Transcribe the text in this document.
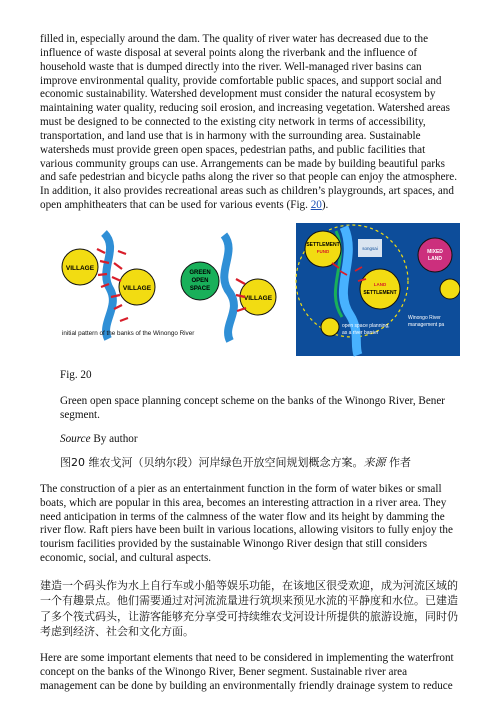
filled in, especially around the dam. The quality of river water has decreased due to the influence of waste disposal at several points along the riverbank and the influence of household waste that is dumped directly into the river. Well-managed river basins can improve environmental quality, provide comfortable public spaces, and support social and economic sustainability. Watershed development must consider the natural ecosystem by maintaining water quality, reducing soil erosion, and increasing vegetation. Watershed areas must be designed to be connected to the existing city network in terms of accessibility, transportation, and land use that is in harmony with the surrounding area. Sustainable watersheds must provide green open spaces, pedestrian paths, and public facilities that various community groups can use. Arrangements can be made by building beautiful parks and safe pedestrian and bicycle paths along the river so that people can enjoy the atmosphere. In addition, it also provides recreational areas such as children’s playgrounds, art spaces, and open amphitheaters that can be used for various events (Fig. 20).

VILLAGE
VILLAGE
initial pattern of the banks of the Winongo River
GREEN
OPEN
SPACE
VILLAGE
SETTLEMENT
FUND
songsai
LAND
SETTLEMENT
MIXED
LAND
open space planning,
as a river barrier
Winongo River
management pa

Fig. 20

Green open space planning concept scheme on the banks of the Winongo River, Bener segment.

Source By author

图20 维农戈河（贝纳尔段）河岸绿色开放空间规划概念方案。来源 作者

The construction of a pier as an entertainment function in the form of water bikes or small boats, which are popular in this area, becomes an interesting attraction in a river area. They need anticipation in terms of the calmness of the water flow and its height by damming the river flow. Raft piers have been built in various locations, allowing visitors to fully enjoy the tourism facilities provided by the sustainable Winongo River design that still considers economic, social, and cultural aspects.

建造一个码头作为水上自行车或小船等娱乐功能，在该地区很受欢迎，成为河流区域的一个有趣景点。他们需要通过对河流流量进行筑坝来预见水流的平静度和水位。已建造了多个筏式码头，让游客能够充分享受可持续维农戈河设计所提供的旅游设施，同时仍考虑到经济、社会和文化方面。

Here are some important elements that need to be considered in implementing the waterfront concept on the banks of the Winongo River, Bener segment. Sustainable river area management can be done by building an environmentally friendly drainage system to reduce
